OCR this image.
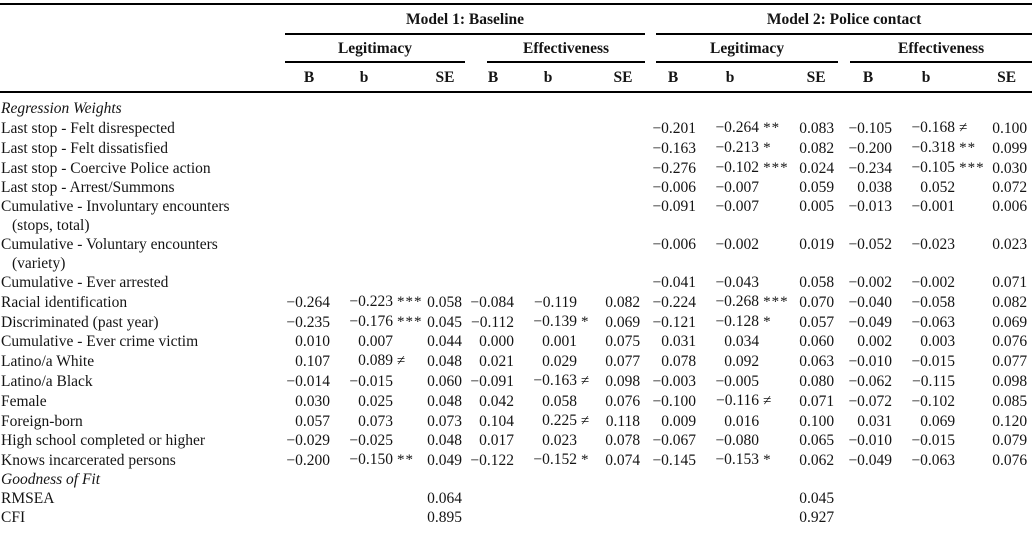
Model 1: Baseline						Model 2: Police contact					

Legitimacy			Effectiveness			Legitimacy			Effectiveness		

	B	b	SE	B	b	SE	B	b	SE	B	b	SE

Regression Weights		

Last stop - Felt disrespected							−0.201	−0.264 **	0.083	−0.105	−0.168 ≠	0.100
Last stop - Felt dissatisfied							−0.163	−0.213 *	0.082	−0.200	−0.318 **	0.099
Last stop - Coercive Police action							−0.276	−0.102 ***	0.024	−0.234	−0.105 ***	0.030
Last stop - Arrest/Summons							−0.006	−0.007	0.059	0.038	0.052	0.072
Cumulative - Involuntary encounters							−0.091	−0.007	0.005	−0.013	−0.001	0.006
(stops, total)		

Cumulative - Voluntary encounters							−0.006	−0.002	0.019	−0.052	−0.023	0.023
(variety)		

Cumulative - Ever arrested							−0.041	−0.043	0.058	−0.002	−0.002	0.071
Racial identification	−0.264	−0.223 ***	0.058	−0.084	−0.119	0.082	−0.224	−0.268 ***	0.070	−0.040	−0.058	0.082
Discriminated (past year)	−0.235	−0.176 ***	0.045	−0.112	−0.139 *	0.069	−0.121	−0.128 *	0.057	−0.049	−0.063	0.069
Cumulative - Ever crime victim	0.010	0.007	0.044	0.000	0.001	0.075	0.031	0.034	0.060	0.002	0.003	0.076
Latino/a White	0.107	0.089 ≠	0.048	0.021	0.029	0.077	0.078	0.092	0.063	−0.010	−0.015	0.077
Latino/a Black	−0.014	−0.015	0.060	−0.091	−0.163 ≠	0.098	−0.003	−0.005	0.080	−0.062	−0.115	0.098
Female	0.030	0.025	0.048	0.042	0.058	0.076	−0.100	−0.116 ≠	0.071	−0.072	−0.102	0.085
Foreign-born	0.057	0.073	0.073	0.104	0.225 ≠	0.118	0.009	0.016	0.100	0.031	0.069	0.120
High school completed or higher	−0.029	−0.025	0.048	0.017	0.023	0.078	−0.067	−0.080	0.065	−0.010	−0.015	0.079
Knows incarcerated persons	−0.200	−0.150 **	0.049	−0.122	−0.152 *	0.074	−0.145	−0.153 *	0.062	−0.049	−0.063	0.076
Goodness of Fit		

RMSEA			0.064						0.045		

CFI			0.895						0.927		
